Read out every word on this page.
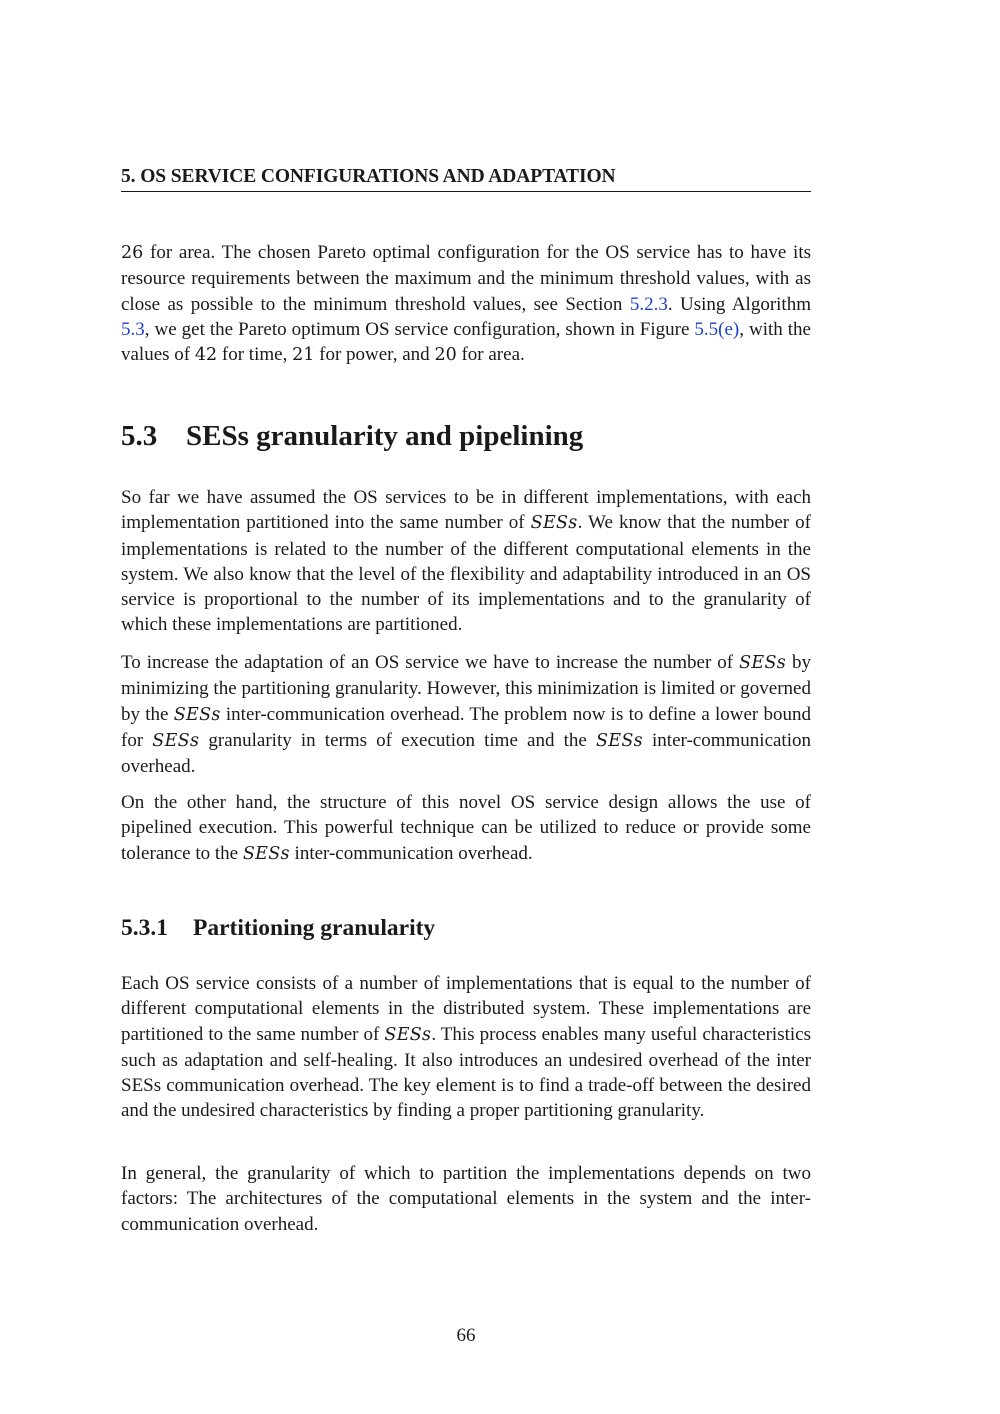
5. OS SERVICE CONFIGURATIONS AND ADAPTATION

26 for area. The chosen Pareto optimal configuration for the OS service has to have its resource requirements between the maximum and the minimum threshold values, with as close as possible to the minimum threshold values, see Section 5.2.3. Using Algorithm 5.3, we get the Pareto optimum OS service configuration, shown in Figure 5.5(e), with the values of 42 for time, 21 for power, and 20 for area.

5.3 SESs granularity and pipelining

So far we have assumed the OS services to be in different implementations, with each implementation partitioned into the same number of SESs. We know that the number of implementations is related to the number of the different computational elements in the system. We also know that the level of the flexibility and adaptability introduced in an OS service is proportional to the number of its implementations and to the granularity of which these implementations are partitioned.

To increase the adaptation of an OS service we have to increase the number of SESs by minimizing the partitioning granularity. However, this minimization is limited or governed by the SESs inter-communication overhead. The problem now is to define a lower bound for SESs granularity in terms of execution time and the SESs inter-communication overhead.

On the other hand, the structure of this novel OS service design allows the use of pipelined execution. This powerful technique can be utilized to reduce or provide some tolerance to the SESs inter-communication overhead.

5.3.1 Partitioning granularity

Each OS service consists of a number of implementations that is equal to the number of different computational elements in the distributed system. These implementations are partitioned to the same number of SESs. This process enables many useful characteristics such as adaptation and self-healing. It also introduces an undesired overhead of the inter SESs communication overhead. The key element is to find a trade-off between the desired and the undesired characteristics by finding a proper partitioning granularity.

In general, the granularity of which to partition the implementations depends on two factors: The architectures of the computational elements in the system and the inter-communication overhead.

66
